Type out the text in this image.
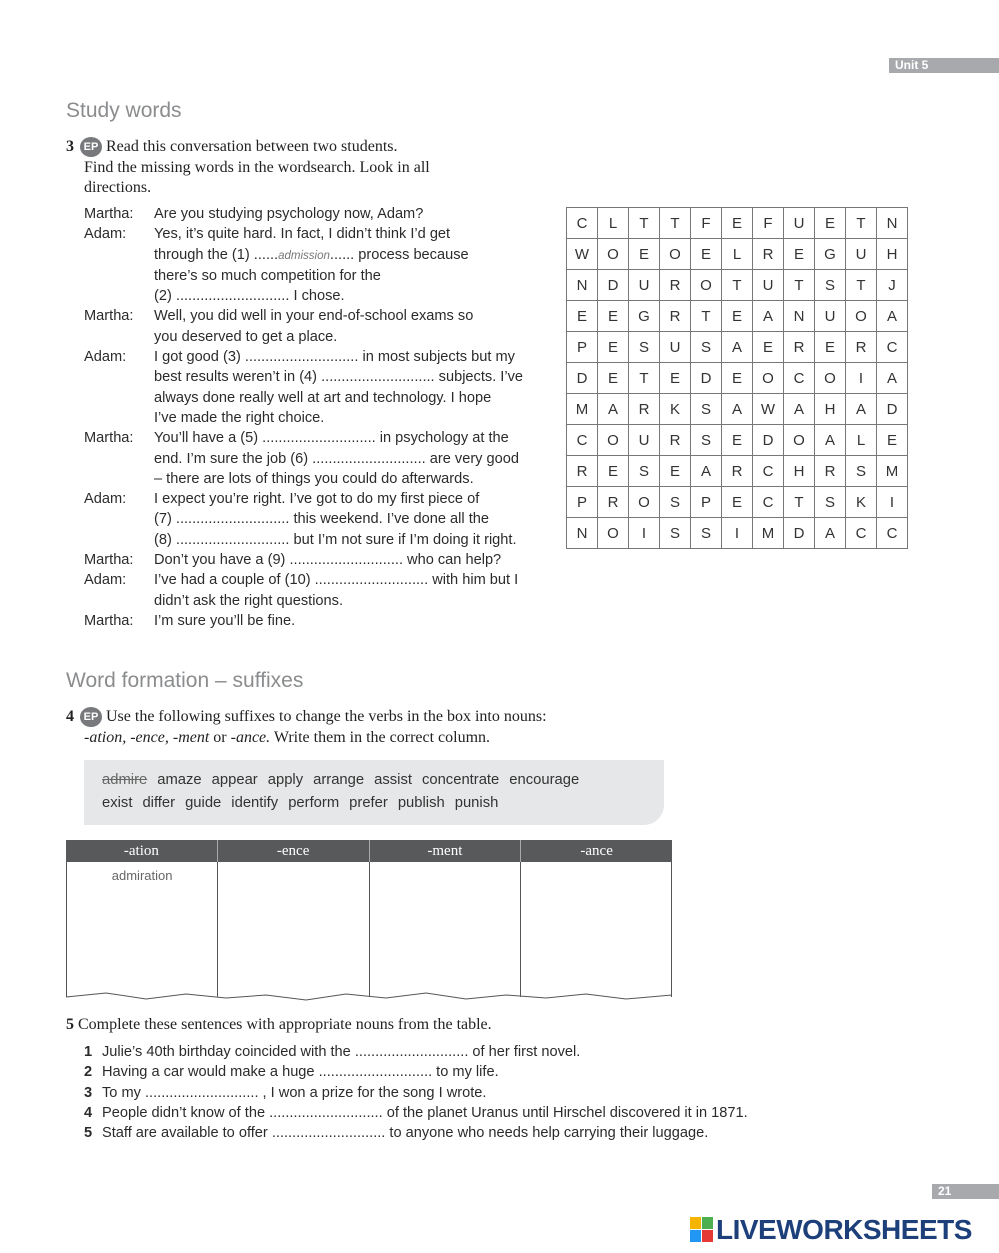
Unit 5
Study words
3 EP Read this conversation between two students.
Find the missing words in the wordsearch. Look in all
directions.
Martha:	Are you studying psychology now, Adam?
Adam:	Yes, it’s quite hard. In fact, I didn’t think I’d get
through the (1) ......admission...... process because
there’s so much competition for the
(2) ............................ I chose.
Martha:	Well, you did well in your end-of-school exams so
you deserved to get a place.
Adam:	I got good (3) ............................ in most subjects but my
best results weren’t in (4) ............................ subjects. I’ve
always done really well at art and technology. I hope
I’ve made the right choice.
Martha:	You’ll have a (5) ............................ in psychology at the
end. I’m sure the job (6) ............................ are very good
– there are lots of things you could do afterwards.
Adam:	I expect you’re right. I’ve got to do my first piece of
(7) ............................ this weekend. I’ve done all the
(8) ............................ but I’m not sure if I’m doing it right.
Martha:	Don’t you have a (9) ............................ who can help?
Adam:	I’ve had a couple of (10) ............................ with him but I
didn’t ask the right questions.
Martha:	I’m sure you’ll be fine.
C	L	T	T	F	E	F	U	E	T	N
W	O	E	O	E	L	R	E	G	U	H
N	D	U	R	O	T	U	T	S	T	J
E	E	G	R	T	E	A	N	U	O	A
P	E	S	U	S	A	E	R	E	R	C
D	E	T	E	D	E	O	C	O	I	A
M	A	R	K	S	A	W	A	H	A	D
C	O	U	R	S	E	D	O	A	L	E
R	E	S	E	A	R	C	H	R	S	M
P	R	O	S	P	E	C	T	S	K	I
N	O	I	S	S	I	M	D	A	C	C
Word formation – suffixes
4 EP Use the following suffixes to change the verbs in the box into nouns:
-ation, -ence, -ment or -ance. Write them in the correct column.
admire amaze appear apply arrange assist concentrate encourage
exist differ guide identify perform prefer publish punish
-ation	-ence	-ment	-ance
admiration
5 Complete these sentences with appropriate nouns from the table.
1 Julie’s 40th birthday coincided with the ............................ of her first novel.
2 Having a car would make a huge ............................ to my life.
3 To my ............................ , I won a prize for the song I wrote.
4 People didn’t know of the ............................ of the planet Uranus until Hirschel discovered it in 1871.
5 Staff are available to offer ............................ to anyone who needs help carrying their luggage.
21
LIVEWORKSHEETS
